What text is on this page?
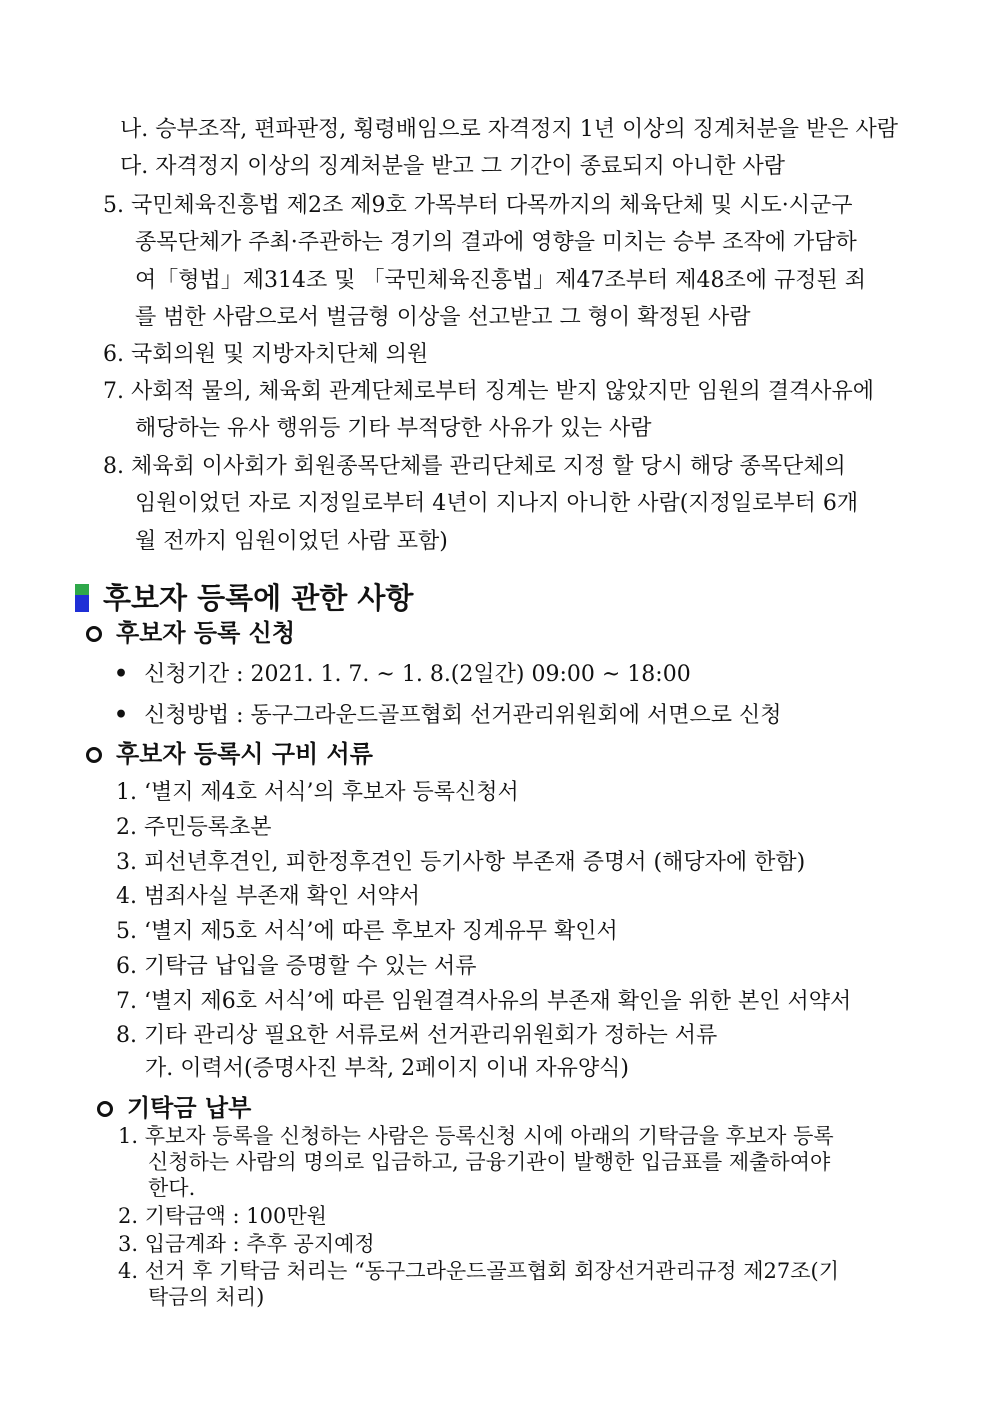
나. 승부조작, 편파판정, 횡령배임으로 자격정지 1년 이상의 징계처분을 받은 사람
다. 자격정지 이상의 징계처분을 받고 그 기간이 종료되지 아니한 사람
5. 국민체육진흥법 제2조 제9호 가목부터 다목까지의 체육단체 및 시도·시군구
종목단체가 주최·주관하는 경기의 결과에 영향을 미치는 승부 조작에 가담하
여「형법」제314조 및 「국민체육진흥법」제47조부터 제48조에 규정된 죄
를 범한 사람으로서 벌금형 이상을 선고받고 그 형이 확정된 사람
6. 국회의원 및 지방자치단체 의원
7. 사회적 물의, 체육회 관계단체로부터 징계는 받지 않았지만 임원의 결격사유에
해당하는 유사 행위등 기타 부적당한 사유가 있는 사람
8. 체육회 이사회가 회원종목단체를 관리단체로 지정 할 당시 해당 종목단체의
임원이었던 자로 지정일로부터 4년이 지나지 아니한 사람(지정일로부터 6개
월 전까지 임원이었던 사람 포함)
후보자 등록에 관한 사항
후보자 등록 신청
• 신청기간 : 2021. 1. 7. ~ 1. 8.(2일간) 09:00 ~ 18:00
• 신청방법 : 동구그라운드골프협회 선거관리위원회에 서면으로 신청
후보자 등록시 구비 서류
1. ‘별지 제4호 서식’의 후보자 등록신청서
2. 주민등록초본
3. 피선년후견인, 피한정후견인 등기사항 부존재 증명서 (해당자에 한함)
4. 범죄사실 부존재 확인 서약서
5. ‘별지 제5호 서식’에 따른 후보자 징계유무 확인서
6. 기탁금 납입을 증명할 수 있는 서류
7. ‘별지 제6호 서식’에 따른 임원결격사유의 부존재 확인을 위한 본인 서약서
8. 기타 관리상 필요한 서류로써 선거관리위원회가 정하는 서류
가. 이력서(증명사진 부착, 2페이지 이내 자유양식)
기탁금 납부
1. 후보자 등록을 신청하는 사람은 등록신청 시에 아래의 기탁금을 후보자 등록
신청하는 사람의 명의로 입금하고, 금융기관이 발행한 입금표를 제출하여야
한다.
2. 기탁금액 : 100만원
3. 입금계좌 : 추후 공지예정
4. 선거 후 기탁금 처리는 “동구그라운드골프협회 회장선거관리규정 제27조(기
탁금의 처리)
